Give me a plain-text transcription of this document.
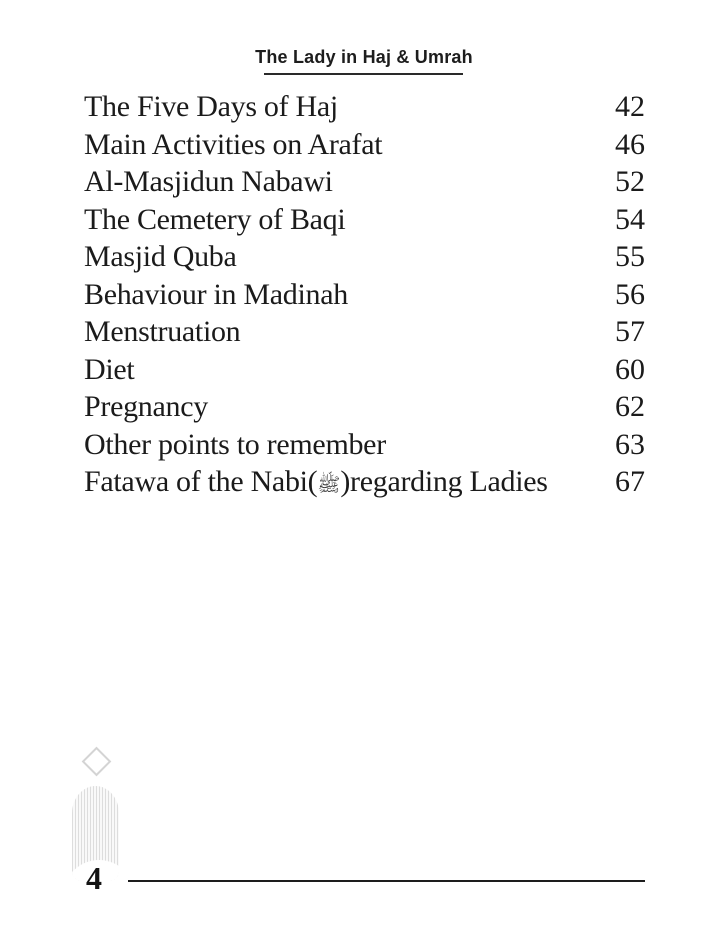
The Lady in Haj & Umrah
The Five Days of Haj	42
Main Activities on Arafat	46
Al-Masjidun Nabawi	52
The Cemetery of Baqi	54
Masjid Quba	55
Behaviour in Madinah	56
Menstruation	57
Diet	60
Pregnancy	62
Other points to remember	63
Fatawa of the Nabi(ﷺ)regarding Ladies 67
4
